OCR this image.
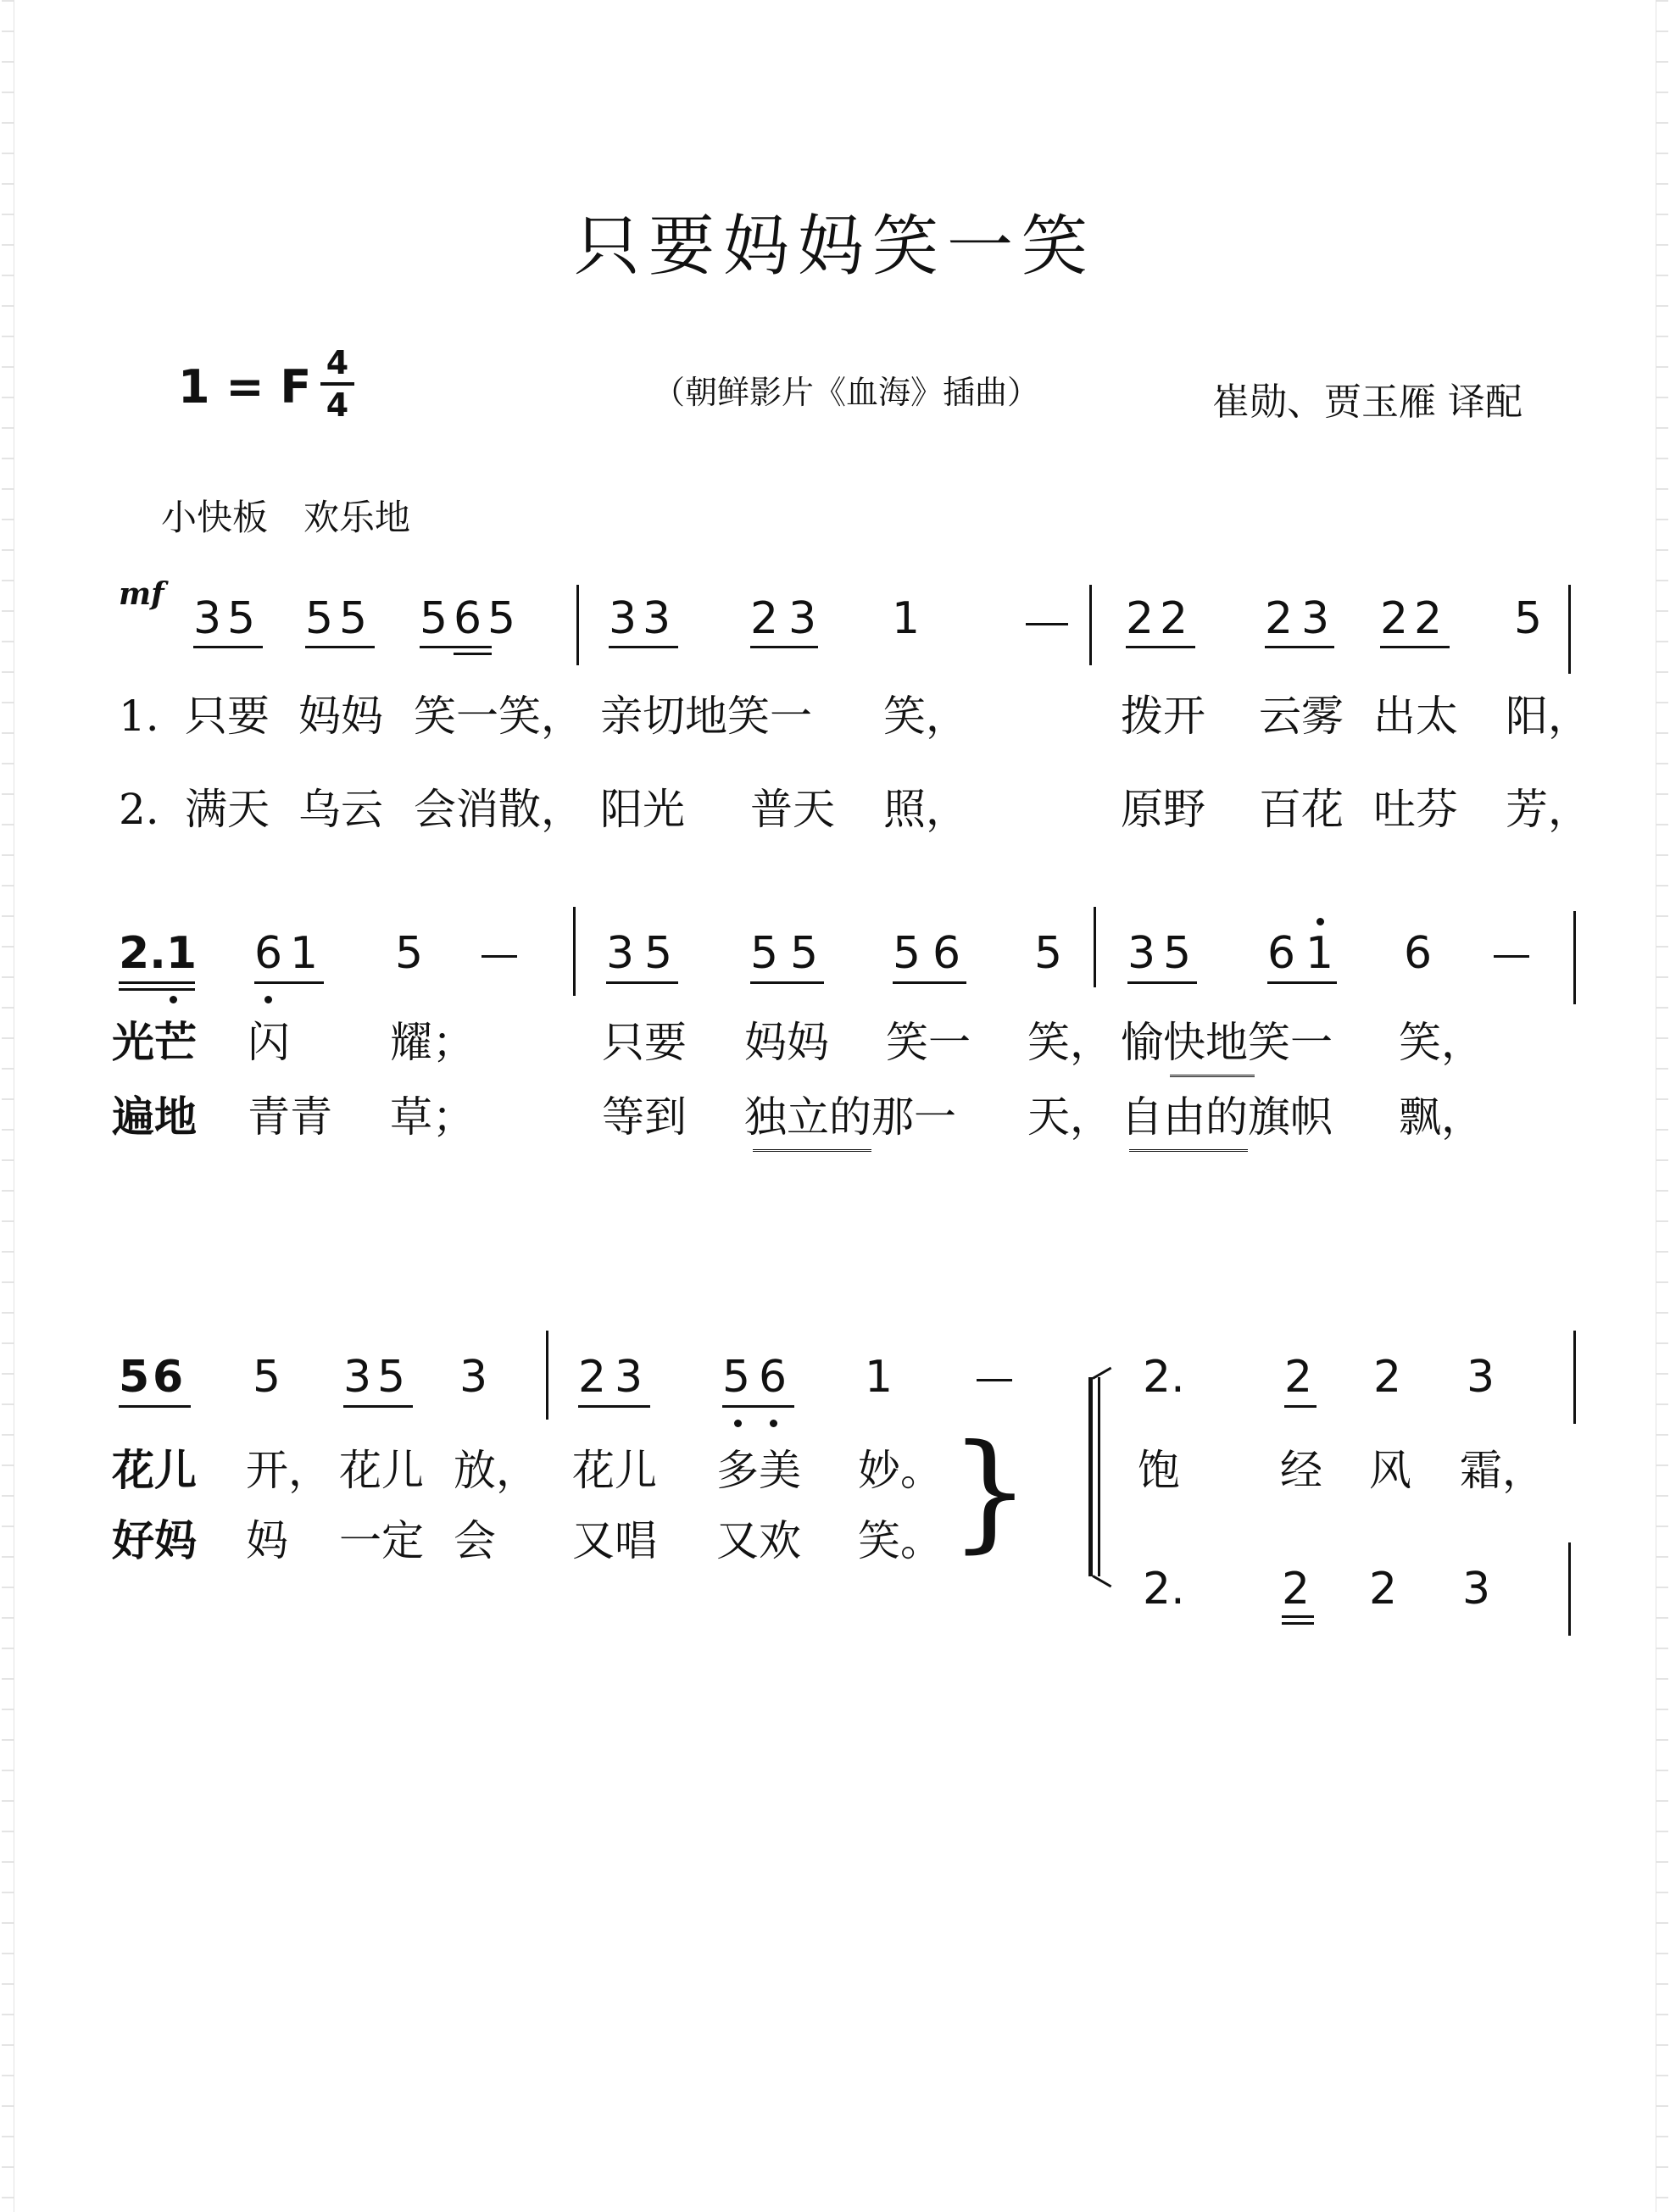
只要妈妈笑一笑
1 = F 4
4	（朝鲜影片《血海》插曲）	崔勋、贾玉雁 译配
小快板　欢乐地
mf 3 5 5 5 5 6 5 3 3 2 3 1	2 2 2 3 2 2 5
1. 只要 妈妈 笑一笑， 亲切地笑一 笑，	拨开 云雾 出太 阳，
2. 满天 乌云 会消散， 阳光 普天 照，	原野 百花 吐芬 芳，
2.1 6 1 5	3 5 5 5 5 6 5 3 5 6 1 6
光芒 闪 耀；	只要 妈妈 笑一 笑， 愉快地笑一 笑，
遍地 青青 草；	等到 独立的那一 天， 自由的旗帜 飘，
5 6 5 3 5 3 2 3 5 6 1
花儿 开， 花儿 放， 花儿 多美 妙。
好妈 妈 一定 会 又唱 又欢 笑。 }
2. 2 2 3
饱 经 风 霜，
2. 2 2 3
